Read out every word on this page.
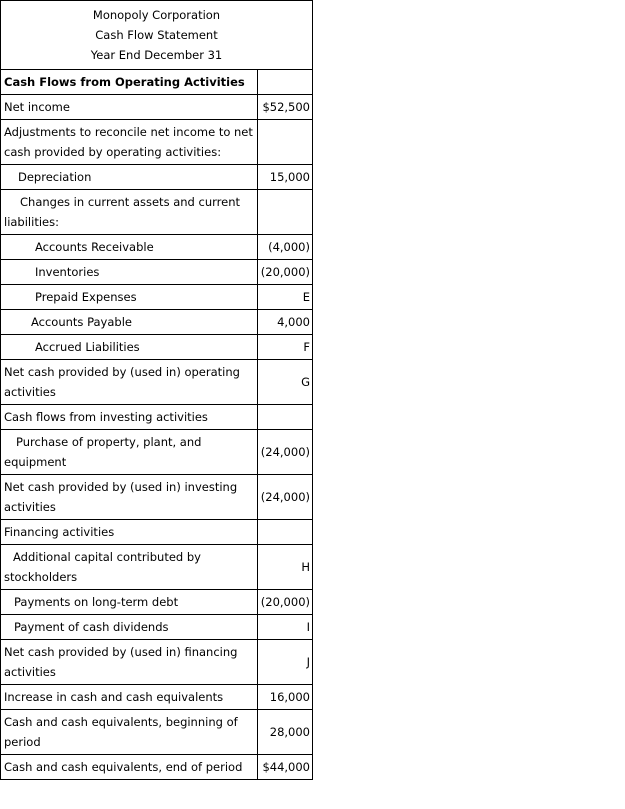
Monopoly Corporation
Cash Flow Statement
Year End December 31	

Cash Flows from Operating Activities	
Net income	$52,500
Adjustments to reconcile net income to net cash provided by operating activities:	
Depreciation	15,000
Changes in current assets and current liabilities:	
Accounts Receivable	(4,000)
Inventories	(20,000)
Prepaid Expenses	E
Accounts Payable	4,000
Accrued Liabilities	F
Net cash provided by (used in) operating activities	G
Cash flows from investing activities	
Purchase of property, plant, and equipment	(24,000)
Net cash provided by (used in) investing activities	(24,000)
Financing activities	
Additional capital contributed by stockholders	H
Payments on long-term debt	(20,000)
Payment of cash dividends	I
Net cash provided by (used in) financing activities	J
Increase in cash and cash equivalents	16,000
Cash and cash equivalents, beginning of period	28,000
Cash and cash equivalents, end of period	$44,000
